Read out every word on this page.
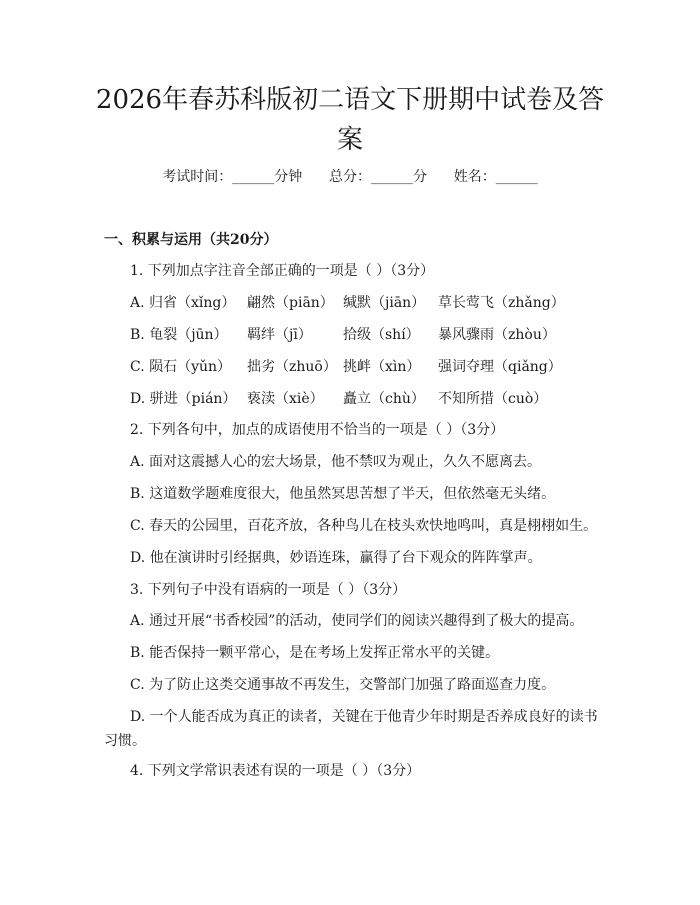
2026年春苏科版初二语文下册期中试卷及答案
考试时间：______分钟 总分：______分 姓名：______
一、积累与运用（共20分）
1. 下列加点字注音全部正确的一项是（ ）（3分）
A. 归省（xǐng） 翩然（piān） 缄默（jiān） 草长莺飞（zhǎng）
B. 龟裂（jūn） 羁绊（jī） 拾级（shí） 暴风骤雨（zhòu）
C. 陨石（yǔn） 拙劣（zhuō） 挑衅（xìn） 强词夺理（qiǎng）
D. 骈进（pián） 亵渎（xiè） 矗立（chù） 不知所措（cuò）
2. 下列各句中，加点的成语使用不恰当的一项是（ ）（3分）
A. 面对这震撼人心的宏大场景，他不禁叹为观止，久久不愿离去。
B. 这道数学题难度很大，他虽然冥思苦想了半天，但依然毫无头绪。
C. 春天的公园里，百花齐放，各种鸟儿在枝头欢快地鸣叫，真是栩栩如生。
D. 他在演讲时引经据典，妙语连珠，赢得了台下观众的阵阵掌声。
3. 下列句子中没有语病的一项是（ ）（3分）
A. 通过开展“书香校园”的活动，使同学们的阅读兴趣得到了极大的提高。
B. 能否保持一颗平常心，是在考场上发挥正常水平的关键。
C. 为了防止这类交通事故不再发生，交警部门加强了路面巡查力度。
D. 一个人能否成为真正的读者，关键在于他青少年时期是否养成良好的读书习惯。
4. 下列文学常识表述有误的一项是（ ）（3分）
